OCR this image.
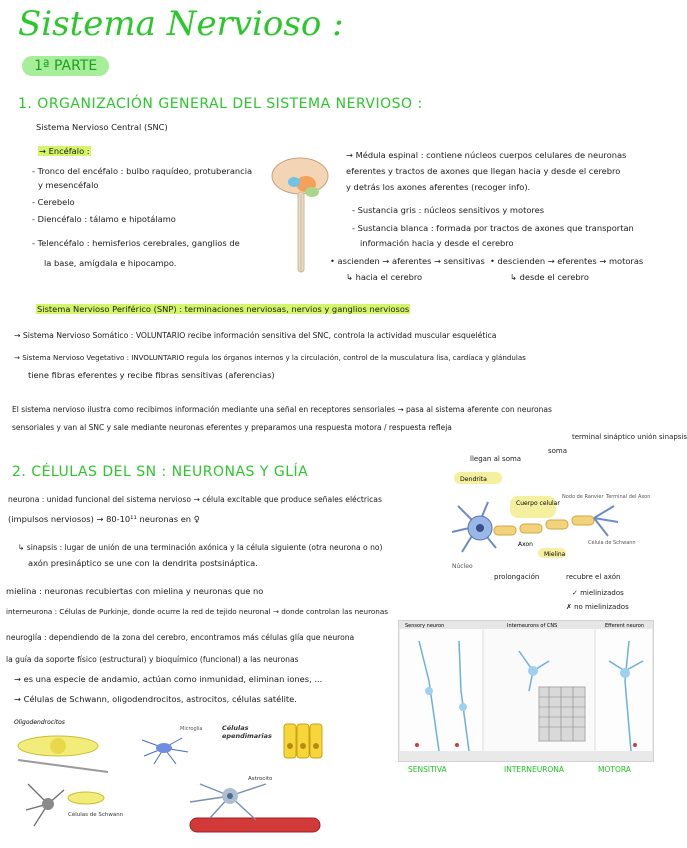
Sistema Nervioso :
1ª PARTE
1. ORGANIZACIÓN GENERAL DEL SISTEMA NERVIOSO :
Sistema Nervioso Central (SNC)
→ Encéfalo :
- Tronco del encéfalo : bulbo raquídeo, protuberancia
y mesencéfalo
- Cerebelo
- Diencéfalo : tálamo e hipotálamo
- Telencéfalo : hemisferios cerebrales, ganglios de
la base, amígdala e hipocampo.
→ Médula espinal : contiene núcleos cuerpos celulares de neuronas
eferentes y tractos de axones que llegan hacia y desde el cerebro
y detrás los axones aferentes (recoger info).
- Sustancia gris : núcleos sensitivos y motores
- Sustancia blanca : formada por tractos de axones que transportan
información hacia y desde el cerebro
• ascienden → aferentes → sensitivas
↳ hacia el cerebro
• descienden → eferentes → motoras
↳ desde el cerebro
Sistema Nervioso Periférico (SNP) : terminaciones nerviosas, nervios y ganglios nerviosos
→ Sistema Nervioso Somático : VOLUNTARIO recibe información sensitiva del SNC, controla la actividad muscular esquelética
→ Sistema Nervioso Vegetativo : INVOLUNTARIO regula los órganos internos y la circulación, control de la musculatura lisa, cardíaca y glándulas
tiene fibras eferentes y recibe fibras sensitivas (aferencias)
El sistema nervioso ilustra como recibimos información mediante una señal en receptores sensoriales → pasa al sistema aferente con neuronas
sensoriales y van al SNC y sale mediante neuronas eferentes y preparamos una respuesta motora / respuesta refleja
2. CÉLULAS DEL SN : NEURONAS Y GLÍA
neurona : unidad funcional del sistema nervioso → célula excitable que produce señales eléctricas
(impulsos nerviosos) → 80-10¹¹ neuronas en ♀
↳ sinapsis : lugar de unión de una terminación axónica y la célula siguiente (otra neurona o no)
axón presináptico se une con la dendrita postsináptica.
mielina : neuronas recubiertas con mielina y neuronas que no
interneurona : Células de Purkinje, donde ocurre la red de tejido neuronal → donde controlan las neuronas
neuroglía : dependiendo de la zona del cerebro, encontramos más células glía que neurona
la guía da soporte físico (estructural) y bioquímico (funcional) a las neuronas
→ es una especie de andamio, actúan como inmunidad, eliminan iones, ...
→ Células de Schwann, oligodendrocitos, astrocitos, células satélite.
Dendrita
Cuerpo celular
Nodo de Ranvier Terminal del Axon
Axon
Mielina
Célula de Schwann
Núcleo
llegan al soma
soma
terminal sináptico unión sinapsis
prolongación	recubre el axón
✓ mielinizados
✗ no mielinizados
Sensory neuron	Interneurons of CNS	Efferent neuron
SENSITIVA	INTERNEURONA	MOTORA
Oligodendrocitos
Células de Schwann
Microglía	Células ependimarias
Astrocito
